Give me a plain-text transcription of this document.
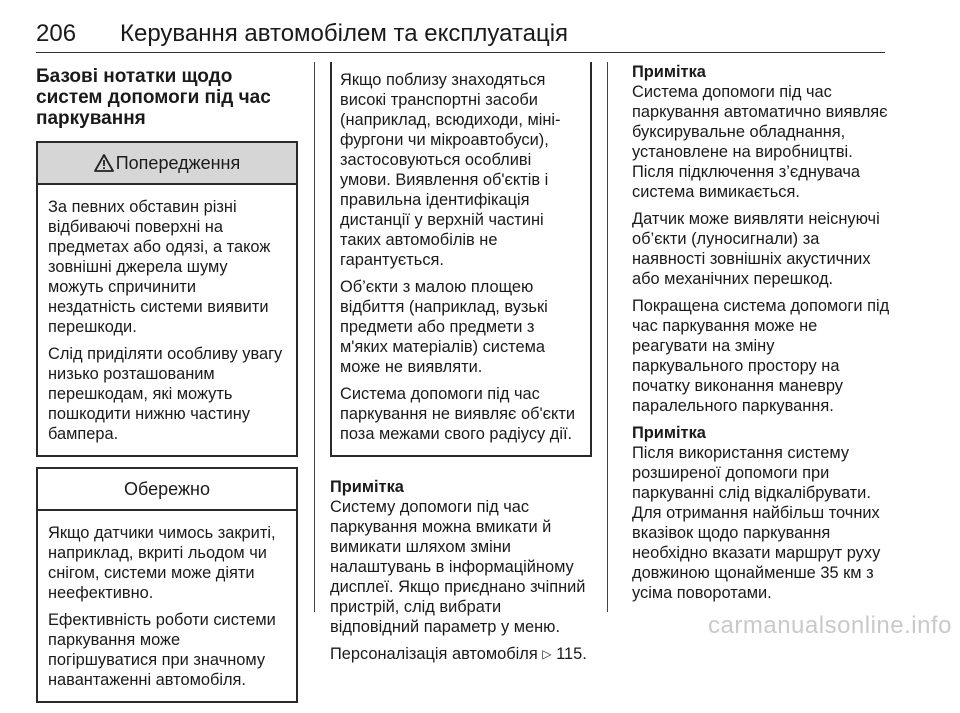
206 Керування автомобілем та експлуатація
Базові нотатки щодо систем допомоги під час паркування
Попередження

За певних обставин різні відбиваючі поверхні на предметах або одязі, а також зовнішні джерела шуму можуть спричинити нездатність системи виявити перешкоди.

Слід приділяти особливу увагу низько розташованим перешкодам, які можуть пошкодити нижню частину бампера.

Обережно

Якщо датчики чимось закриті, наприклад, вкриті льодом чи снігом, системи може діяти неефективно.

Ефективність роботи системи паркування може погіршуватися при значному навантаженні автомобіля.

Якщо поблизу знаходяться високі транспортні засоби (наприклад, всюдиходи, міні-фургони чи мікроавтобуси), застосовуються особливі умови. Виявлення об'єктів і правильна ідентифікація дистанції у верхній частині таких автомобілів не гарантується.

Об’єкти з малою площею відбиття (наприклад, вузькі предмети або предмети з м'яких матеріалів) система може не виявляти.

Система допомоги під час паркування не виявляє об'єкти поза межами свого радіусу дії.

Примітка

Систему допомоги під час паркування можна вмикати й вимикати шляхом зміни налаштувань в інформаційному дисплеї. Якщо приєднано зчіпний пристрій, слід вибрати відповідний параметр у меню.

Персоналізація автомобіля ▷ 115.

Примітка

Система допомоги під час паркування автоматично виявляє буксирувальне обладнання, установлене на виробництві. Після підключення з’єднувача система вимикається.

Датчик може виявляти неіснуючі об’єкти (луносигнали) за наявності зовнішніх акустичних або механічних перешкод.

Покращена система допомоги під час паркування може не реагувати на зміну паркувального простору на початку виконання маневру паралельного паркування.

Примітка

Після використання систему розширеної допомоги при паркуванні слід відкалібрувати. Для отримання найбільш точних вказівок щодо паркування необхідно вказати маршрут руху довжиною щонайменше 35 км з усіма поворотами.

carmanualsonline.info
